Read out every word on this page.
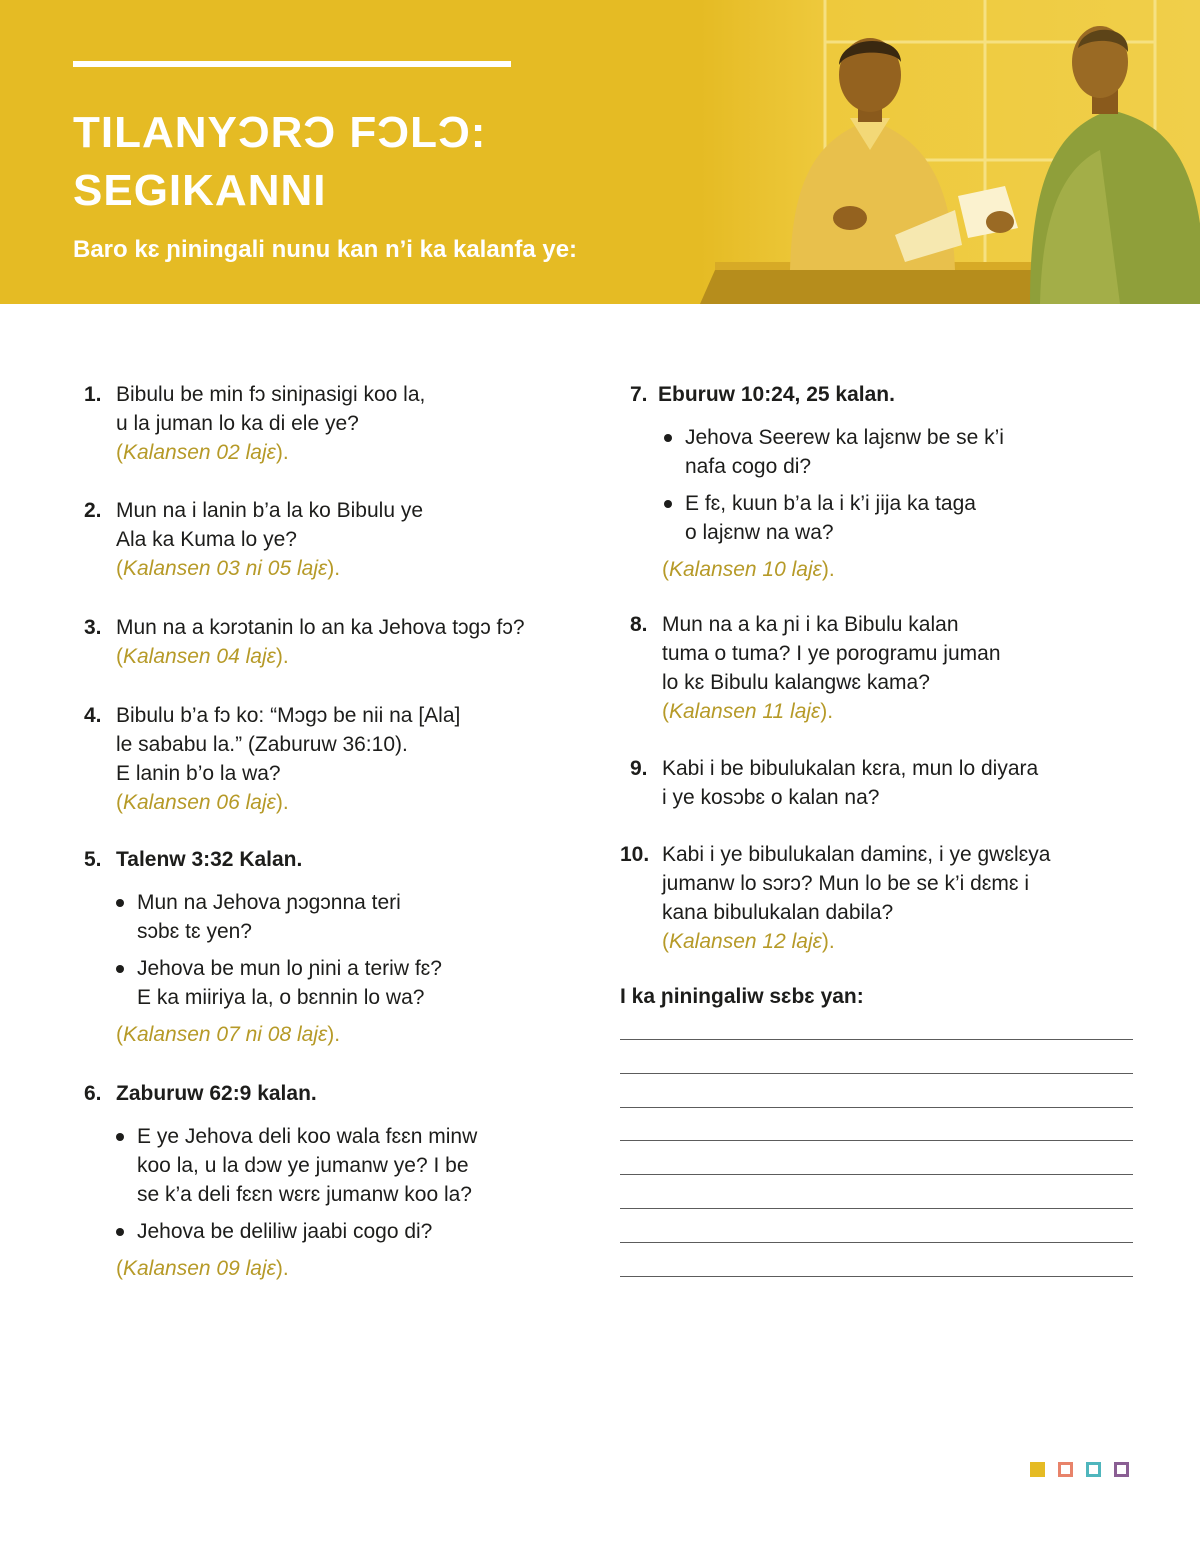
TILANYƆRƆ FƆLƆ:
SEGIKANNI

Baro kɛ ɲiningali nunu kan n’i ka kalanfa ye:

1. Bibulu be min fɔ siniɲasigi koo la,
u la juman lo ka di ele ye?
(Kalansen 02 lajɛ).
2. Mun na i lanin b’a la ko Bibulu ye
Ala ka Kuma lo ye?
(Kalansen 03 ni 05 lajɛ).
3. Mun na a kɔrɔtanin lo an ka Jehova tɔgɔ fɔ?
(Kalansen 04 lajɛ).
4. Bibulu b’a fɔ ko: “Mɔgɔ be nii na [Ala]
le sababu la.” (Zaburuw 36:10).
E lanin b’o la wa?
(Kalansen 06 lajɛ).
5. Talenw 3:32 Kalan.
Mun na Jehova ɲɔgɔnna teri
sɔbɛ tɛ yen?
Jehova be mun lo ɲini a teriw fɛ?
E ka miiriya la, o bɛnnin lo wa?
(Kalansen 07 ni 08 lajɛ).
6. Zaburuw 62:9 kalan.
E ye Jehova deli koo wala fɛɛn minw
koo la, u la dɔw ye jumanw ye? I be
se k’a deli fɛɛn wɛrɛ jumanw koo la?
Jehova be deliliw jaabi cogo di?
(Kalansen 09 lajɛ).
7. Eburuw 10:24, 25 kalan.
Jehova Seerew ka lajɛnw be se k’i
nafa cogo di?
E fɛ, kuun b’a la i k’i jija ka taga
o lajɛnw na wa?
(Kalansen 10 lajɛ).
8. Mun na a ka ɲi i ka Bibulu kalan
tuma o tuma? I ye porogramu juman
lo kɛ Bibulu kalangwɛ kama?
(Kalansen 11 lajɛ).
9. Kabi i be bibulukalan kɛra, mun lo diyara
i ye kosɔbɛ o kalan na?
10. Kabi i ye bibulukalan daminɛ, i ye gwɛlɛya
jumanw lo sɔrɔ? Mun lo be se k’i dɛmɛ i
kana bibulukalan dabila?
(Kalansen 12 lajɛ).

I ka ɲiningaliw sɛbɛ yan:
